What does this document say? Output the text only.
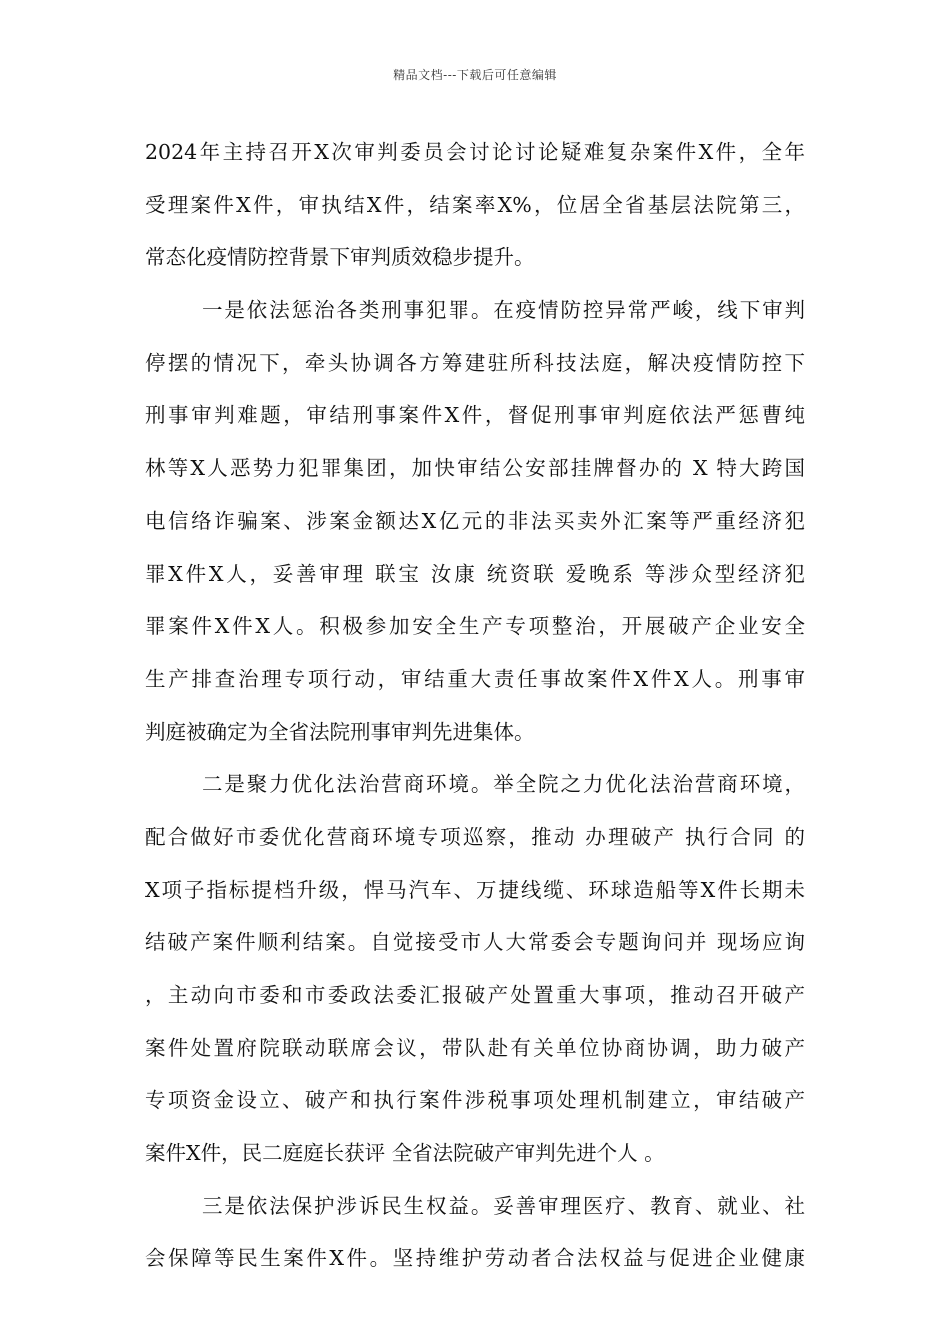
精品文档---下载后可任意编辑
2024年主持召开X次审判委员会讨论讨论疑难复杂案件X件，全年
受理案件X件，审执结X件，结案率X%，位居全省基层法院第三，
常态化疫情防控背景下审判质效稳步提升。
一是依法惩治各类刑事犯罪。在疫情防控异常严峻，线下审判
停摆的情况下，牵头协调各方筹建驻所科技法庭，解决疫情防控下
刑事审判难题，审结刑事案件X件，督促刑事审判庭依法严惩曹纯
林等X人恶势力犯罪集团，加快审结公安部挂牌督办的 X 特大跨国
电信络诈骗案、涉案金额达X亿元的非法买卖外汇案等严重经济犯
罪X件X人，妥善审理 联宝 汝康 统资联 爱晚系 等涉众型经济犯
罪案件X件X人。积极参加安全生产专项整治，开展破产企业安全
生产排查治理专项行动，审结重大责任事故案件X件X人。刑事审
判庭被确定为全省法院刑事审判先进集体。
二是聚力优化法治营商环境。举全院之力优化法治营商环境，
配合做好市委优化营商环境专项巡察，推动 办理破产 执行合同 的
X项子指标提档升级，悍马汽车、万捷线缆、环球造船等X件长期未
结破产案件顺利结案。自觉接受市人大常委会专题询问并 现场应询
，主动向市委和市委政法委汇报破产处置重大事项，推动召开破产
案件处置府院联动联席会议，带队赴有关单位协商协调，助力破产
专项资金设立、破产和执行案件涉税事项处理机制建立，审结破产
案件X件，民二庭庭长获评 全省法院破产审判先进个人 。
三是依法保护涉诉民生权益。妥善审理医疗、教育、就业、社
会保障等民生案件X件。坚持维护劳动者合法权益与促进企业健康
